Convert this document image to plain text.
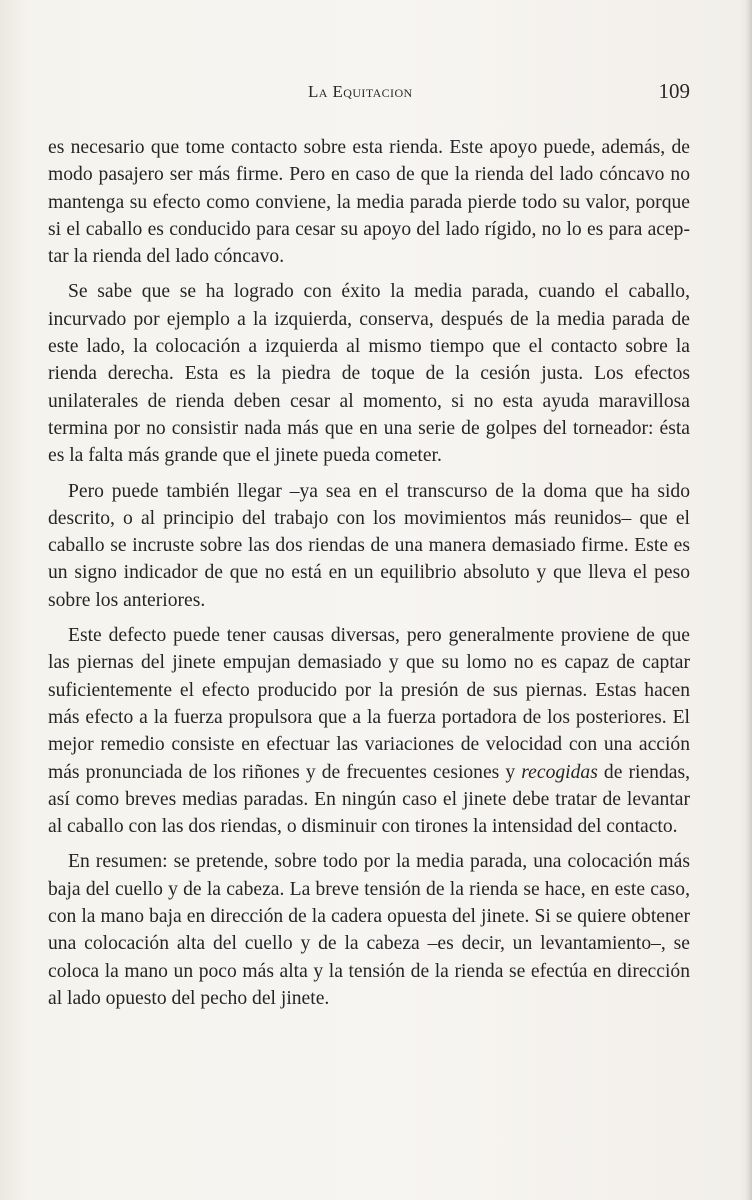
La Equitacion	109

es necesario que tome contacto sobre esta rienda. Este apoyo puede, además, de modo pasajero ser más firme. Pero en caso de que la rienda del lado cóncavo no mantenga su efecto como conviene, la media parada pierde todo su valor, porque si el caballo es conducido para cesar su apoyo del lado rígido, no lo es para aceptar la rienda del lado cóncavo.

Se sabe que se ha logrado con éxito la media parada, cuando el caballo, incurvado por ejemplo a la izquierda, conserva, después de la media parada de este lado, la colocación a izquierda al mismo tiempo que el contacto sobre la rienda derecha. Esta es la piedra de toque de la cesión justa. Los efectos unilaterales de rienda deben cesar al momento, si no esta ayuda maravillosa termina por no consistir nada más que en una serie de golpes del torneador: ésta es la falta más grande que el jinete pueda cometer.

Pero puede también llegar –ya sea en el transcurso de la doma que ha sido descrito, o al principio del trabajo con los movimientos más reunidos– que el caballo se incruste sobre las dos riendas de una manera demasiado firme. Este es un signo indicador de que no está en un equilibrio absoluto y que lleva el peso sobre los anteriores.

Este defecto puede tener causas diversas, pero generalmente proviene de que las piernas del jinete empujan demasiado y que su lomo no es capaz de captar suficientemente el efecto producido por la presión de sus piernas. Estas hacen más efecto a la fuerza propulsora que a la fuerza portadora de los posteriores. El mejor remedio consiste en efectuar las variaciones de velocidad con una acción más pronunciada de los riñones y de frecuentes cesiones y recogidas de riendas, así como breves medias paradas. En ningún caso el jinete debe tratar de levantar al caballo con las dos riendas, o disminuir con tirones la intensidad del contacto.

En resumen: se pretende, sobre todo por la media parada, una colocación más baja del cuello y de la cabeza. La breve tensión de la rienda se hace, en este caso, con la mano baja en dirección de la cadera opuesta del jinete. Si se quiere obtener una colocación alta del cuello y de la cabeza –es decir, un levantamiento–, se coloca la mano un poco más alta y la tensión de la rienda se efectúa en dirección al lado opuesto del pecho del jinete.
